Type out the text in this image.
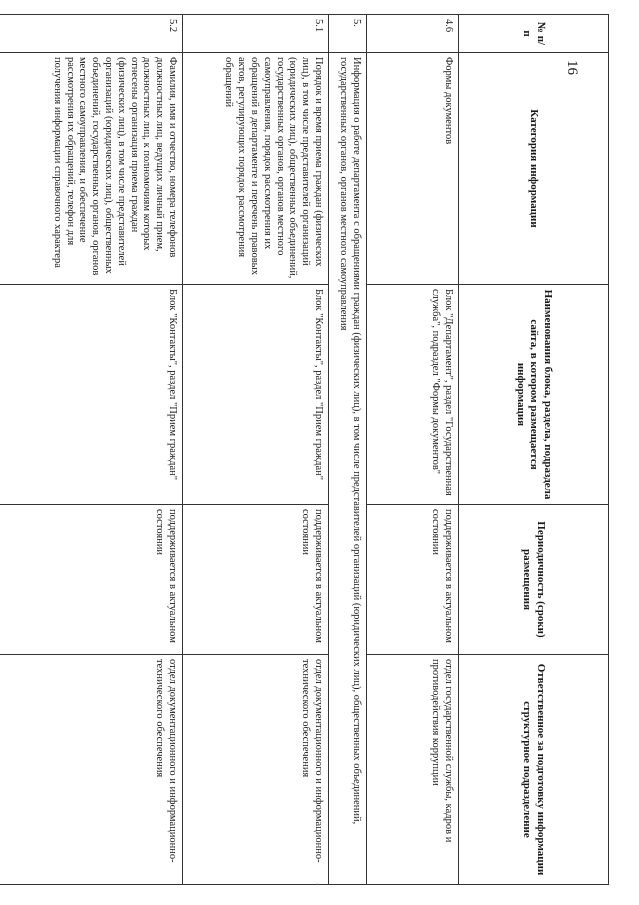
16
№ п/п	Категория информации	Наименования блока, раздела, подраздела сайта, в котором размещается информация	Периодичность (сроки) размещения	Ответственное за подготовку информации структурное подразделение
4.6	Формы документов	Блок "Департамент", раздел "Государственная служба", подраздел "Формы документов"	поддерживается в актуальном состоянии	отдел государственной службы, кадров и противодействия коррупции
5.	Информация о работе департамента с обращениями граждан (физических лиц), в том числе представителей организаций (юридических лиц), общественных объединений, государственных органов, органов местного самоуправления			
5.1	Порядок и время приема граждан (физических лиц), в том числе представителей организаций (юридических лиц), общественных объединений, государственных органов, органов местного самоуправления, порядок рассмотрения их обращений в департаменте и перечень правовых актов, регулирующих порядок рассмотрения обращений	Блок "Контакты", раздел "Прием граждан"	поддерживается в актуальном состоянии	отдел документационного и информационно-технического обеспечения
5.2	Фамилия, имя и отчество, номера телефонов должностных лиц, ведущих личный прием, должностных лиц, к полномочиям которых отнесены организация приема граждан (физических лиц), в том числе представителей организаций (юридических лиц), общественных объединений, государственных органов, органов местного самоуправления, и обеспечение рассмотрения их обращений, телефон для получения информации справочного характера	Блок "Контакты", раздел "Прием граждан"	поддерживается в актуальном состоянии	отдел документационного и информационно-технического обеспечения
·
